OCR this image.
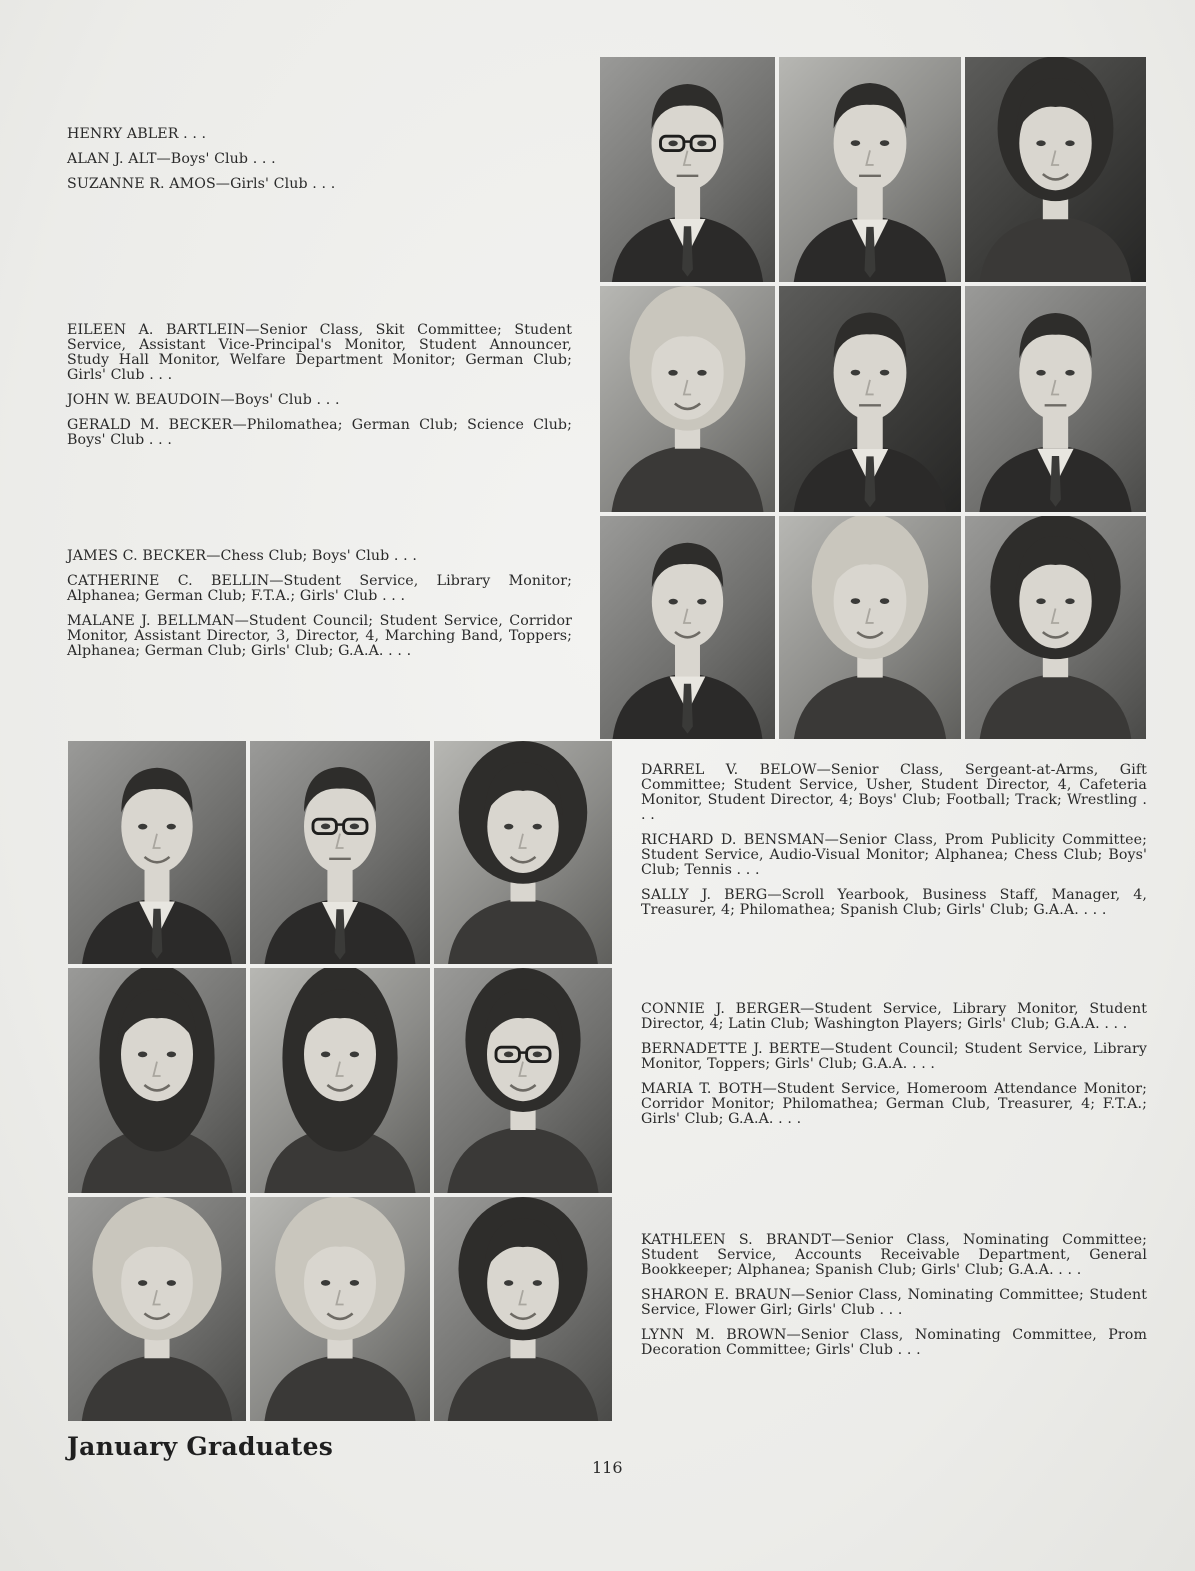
HENRY ABLER . . .

ALAN J. ALT—Boys' Club . . .

SUZANNE R. AMOS—Girls' Club . . .

EILEEN A. BARTLEIN—Senior Class, Skit Committee; Student Service, Assistant Vice-Principal's Monitor, Student Announcer, Study Hall Monitor, Welfare Department Monitor; German Club; Girls' Club . . .

JOHN W. BEAUDOIN—Boys' Club . . .

GERALD M. BECKER—Philomathea; German Club; Science Club; Boys' Club . . .

JAMES C. BECKER—Chess Club; Boys' Club . . .

CATHERINE C. BELLIN—Student Service, Library Monitor; Alphanea; German Club; F.T.A.; Girls' Club . . .

MALANE J. BELLMAN—Student Council; Student Service, Corridor Monitor, Assistant Director, 3, Director, 4, Marching Band, Toppers; Alphanea; German Club; Girls' Club; G.A.A. . . .

DARREL V. BELOW—Senior Class, Sergeant-at-Arms, Gift Committee; Student Service, Usher, Student Director, 4, Cafeteria Monitor, Student Director, 4; Boys' Club; Football; Track; Wrestling . . .

RICHARD D. BENSMAN—Senior Class, Prom Publicity Committee; Student Service, Audio-Visual Monitor; Alphanea; Chess Club; Boys' Club; Tennis . . .

SALLY J. BERG—Scroll Yearbook, Business Staff, Manager, 4, Treasurer, 4; Philomathea; Spanish Club; Girls' Club; G.A.A. . . .

CONNIE J. BERGER—Student Service, Library Monitor, Student Director, 4; Latin Club; Washington Players; Girls' Club; G.A.A. . . .

BERNADETTE J. BERTE—Student Council; Student Service, Library Monitor, Toppers; Girls' Club; G.A.A. . . .

MARIA T. BOTH—Student Service, Homeroom Attendance Monitor; Corridor Monitor; Philomathea; German Club, Treasurer, 4; F.T.A.; Girls' Club; G.A.A. . . .

KATHLEEN S. BRANDT—Senior Class, Nominating Committee; Student Service, Accounts Receivable Department, General Bookkeeper; Alphanea; Spanish Club; Girls' Club; G.A.A. . . .

SHARON E. BRAUN—Senior Class, Nominating Committee; Student Service, Flower Girl; Girls' Club . . .

LYNN M. BROWN—Senior Class, Nominating Committee, Prom Decoration Committee; Girls' Club . . .

January Graduates
116
